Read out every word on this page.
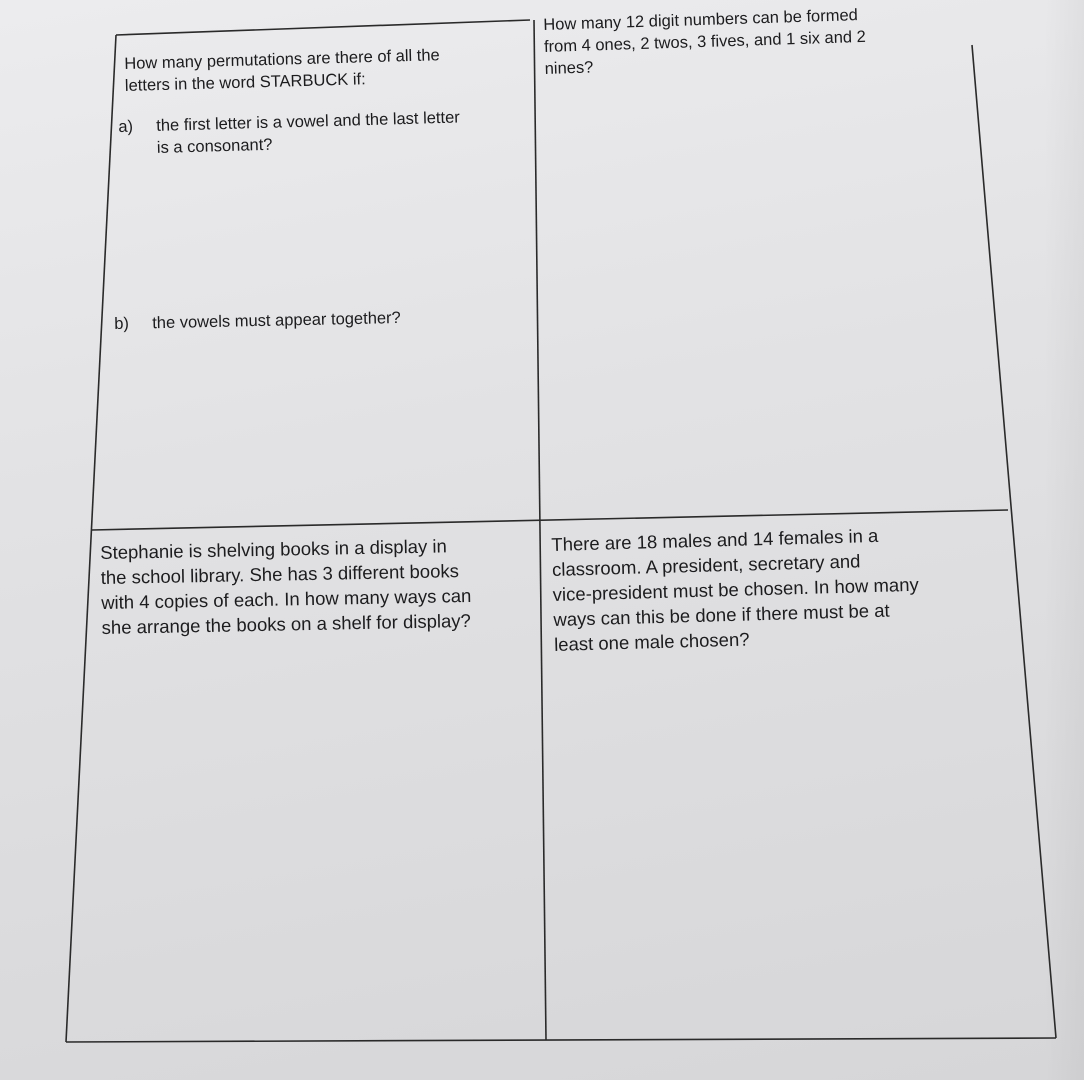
How many permutations are there of all the
letters in the word STARBUCK if:
a) the first letter is a vowel and the last letter
is a consonant?
b) the vowels must appear together?
How many 12 digit numbers can be formed
from 4 ones, 2 twos, 3 fives, and 1 six and 2
nines?
Stephanie is shelving books in a display in
the school library. She has 3 different books
with 4 copies of each. In how many ways can
she arrange the books on a shelf for display?
There are 18 males and 14 females in a
classroom. A president, secretary and
vice-president must be chosen. In how many
ways can this be done if there must be at
least one male chosen?
